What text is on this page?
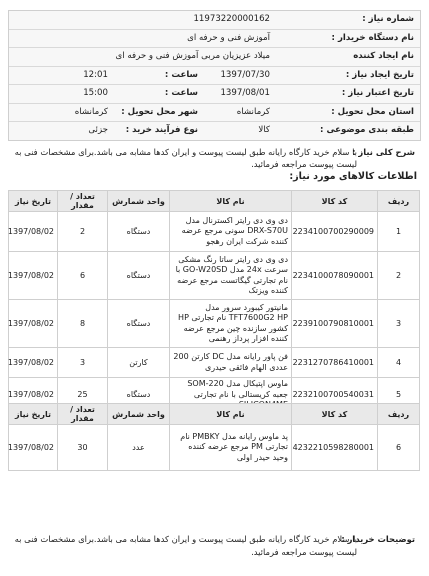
شماره نیاز :
11973220000162
نام دستگاه خریدار :
آموزش فنی و حرفه ای
نام ایجاد کننده
میلاد عزیزیان مربی آموزش فنی و حرفه ای
تاریخ ایجاد نیاز :
1397/07/30
ساعت :
12:01
تاریخ اعتبار نیاز :
1397/08/01
ساعت :
15:00
استان محل تحویل :
کرمانشاه
شهر محل تحویل :
کرمانشاه
طبقه بندی موضوعی :
کالا
نوع فرآیند خرید :
جزئی
شرح کلی نیاز :
با سلام خرید کارگاه رایانه طبق لیست پیوست و ایران کدها مشابه می باشد.برای مشخصات فنی به لیست پیوست مراجعه فرمائید.
اطلاعات کالاهای مورد نیاز:
ردیف	کد کالا	نام کالا	واحد شمارش	تعداد / مقدار	تاریخ نیاز
1	2234100700290009	دی وی دی رایتر اکسترنال مدل DRX-S70U سونی مرجع عرضه کننده شرکت ایران رهجو	دستگاه	2	1397/08/02
2	2234100078090001	دی وی دی رایتر ساتا رنگ مشکی سرعت 24x مدل GO-W20SD با نام تجارتی گیگاتست مرجع عرضه کننده ویزتک	دستگاه	6	1397/08/02
3	2239100790810001	مانیتور کیبورد سرور مدل TFT7600G2 HP نام تجارتی HP کشور سازنده چین مرجع عرضه کننده افزار پرداز رهنمی	دستگاه	8	1397/08/02
4	2231270786410001	فن پاور رایانه مدل DC کارتن 200 عددی الهام فائقی حیدری	کارتن	3	1397/08/02
5	2232100700540031	ماوس اپتیکال مدل SOM-220 جعبه کریستالی با نام تجارتی	دستگاه	25	1397/08/02
ردیف	کد کالا	نام کالا	واحد شمارش	تعداد / مقدار	تاریخ نیاز
6	4232210598280001	پد ماوس رایانه مدل PMBKY نام تجارتی PM مرجع عرضه کننده وحید حیدر اولی	عدد	30	1397/08/02
توضیحات خریدار :
با سلام خرید کارگاه رایانه طبق لیست پیوست و ایران کدها مشابه می باشد.برای مشخصات فنی به لیست پیوست مراجعه فرمائید.
